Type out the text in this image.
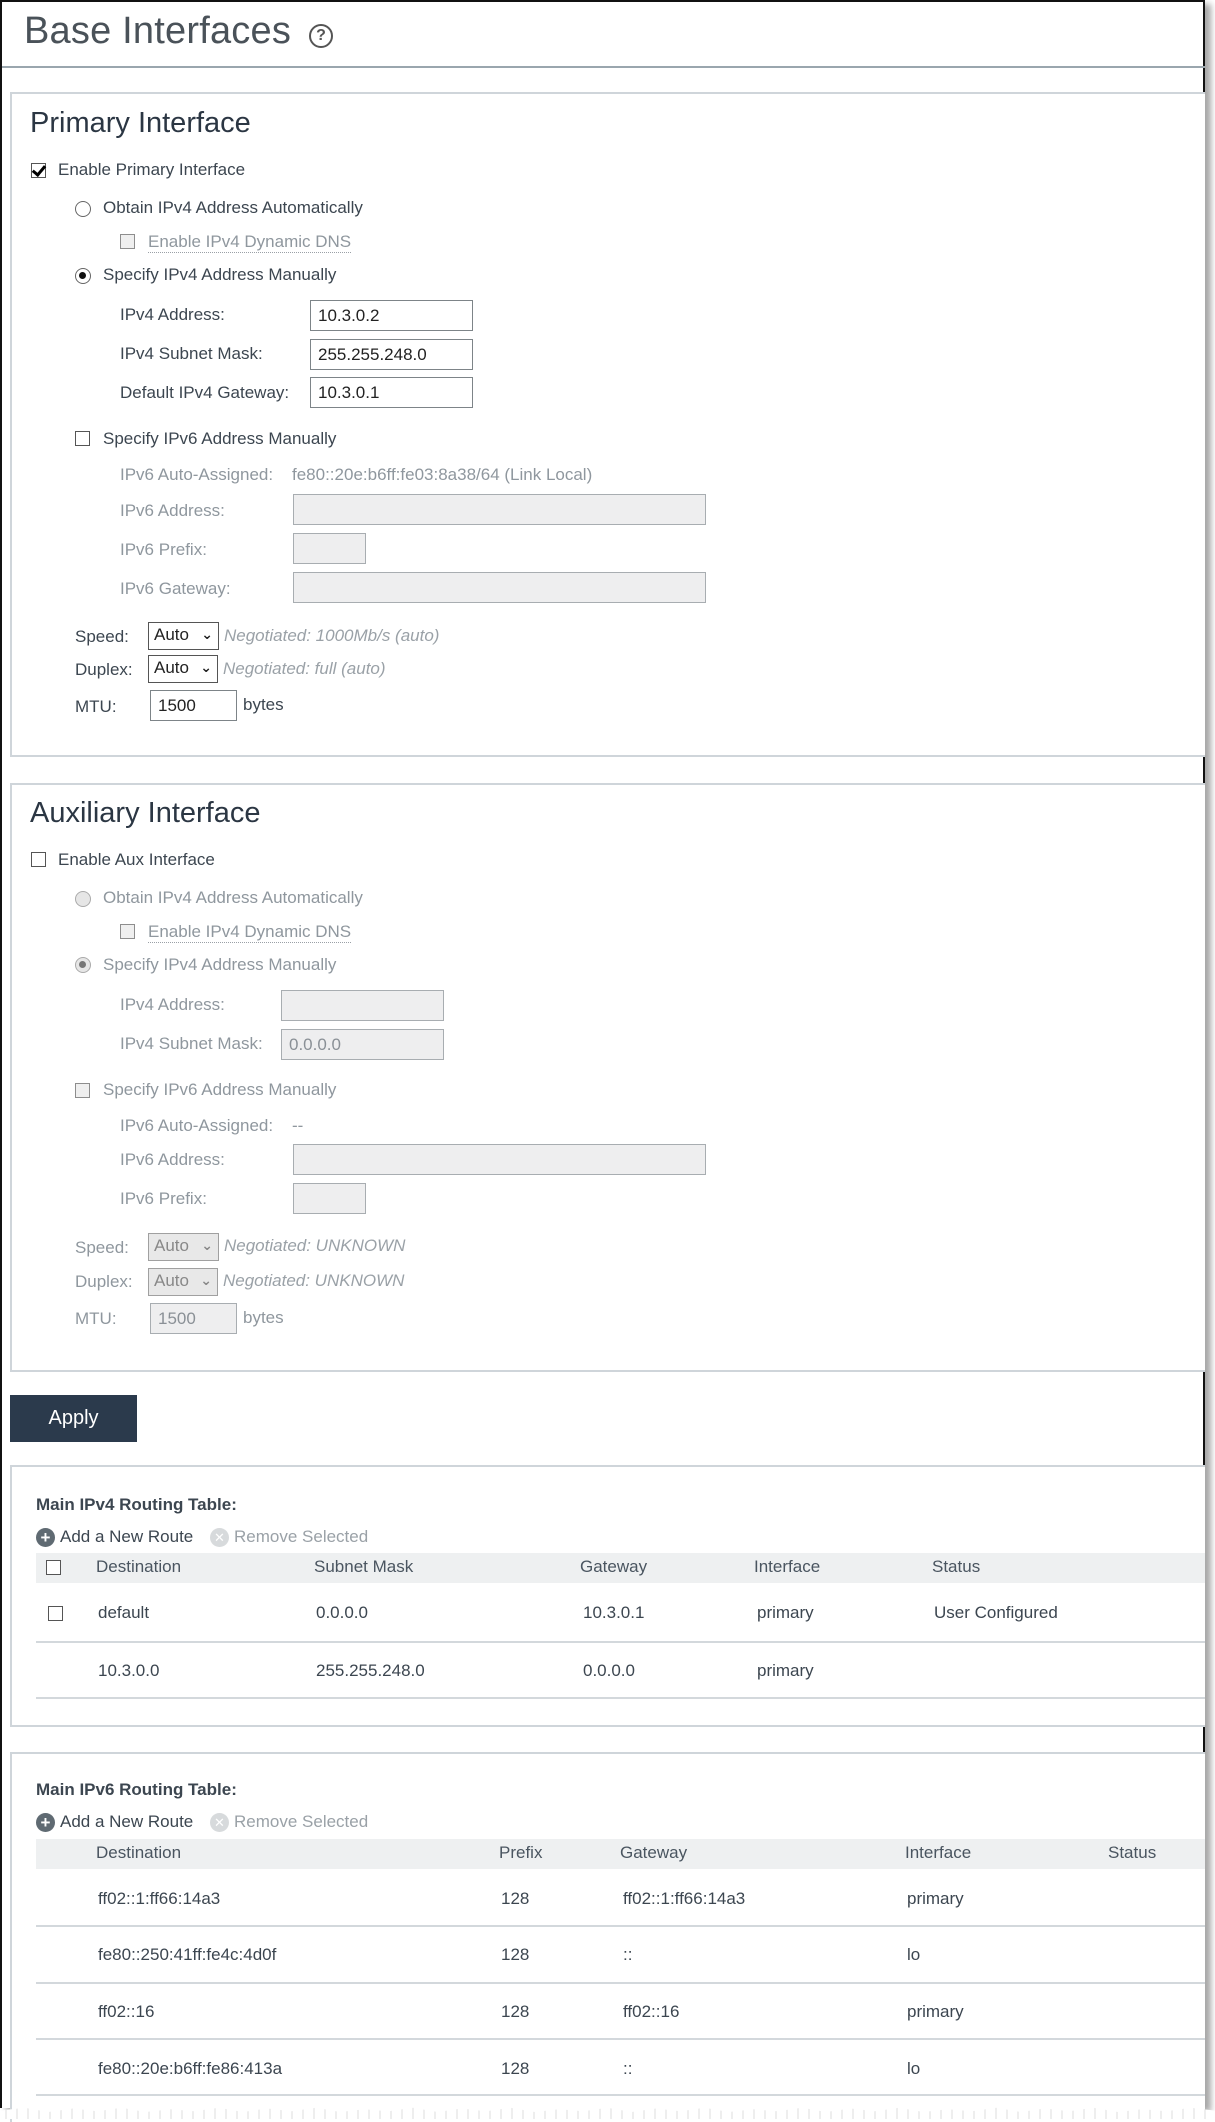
Base Interfaces	?
Primary Interface
Enable Primary Interface
Obtain IPv4 Address Automatically
Enable IPv4 Dynamic DNS
Specify IPv4 Address Manually
IPv4 Address:
10.3.0.2
IPv4 Subnet Mask:
255.255.248.0
Default IPv4 Gateway:
10.3.0.1
Specify IPv6 Address Manually
IPv6 Auto-Assigned: fe80::20e:b6ff:fe03:8a38/64 (Link Local)
IPv6 Address:
IPv6 Prefix:
IPv6 Gateway:
Speed:	Auto ⌄ Negotiated: 1000Mb/s (auto)
Duplex:	Auto ⌄ Negotiated: full (auto)
MTU:
1500	bytes
Auxiliary Interface
Enable Aux Interface
Obtain IPv4 Address Automatically
Enable IPv4 Dynamic DNS
Specify IPv4 Address Manually
IPv4 Address:
IPv4 Subnet Mask:
0.0.0.0
Specify IPv6 Address Manually
IPv6 Auto-Assigned: --
IPv6 Address:
IPv6 Prefix:
Speed:	Auto ⌄ Negotiated: UNKNOWN
Duplex:	Auto ⌄ Negotiated: UNKNOWN
MTU:
1500	bytes
Apply
Main IPv4 Routing Table:
+ Add a New Route	✕ Remove Selected
Destination	Subnet Mask	Gateway	Interface	Status
default	0.0.0.0	10.3.0.1	primary	User Configured
10.3.0.0	255.255.248.0	0.0.0.0	primary
Main IPv6 Routing Table:
+ Add a New Route	✕ Remove Selected
Destination	Prefix	Gateway	Interface	Status
ff02::1:ff66:14a3	128	ff02::1:ff66:14a3	primary
fe80::250:41ff:fe4c:4d0f	128	::	lo
ff02::16	128	ff02::16	primary
fe80::20e:b6ff:fe86:413a	128	::	lo
